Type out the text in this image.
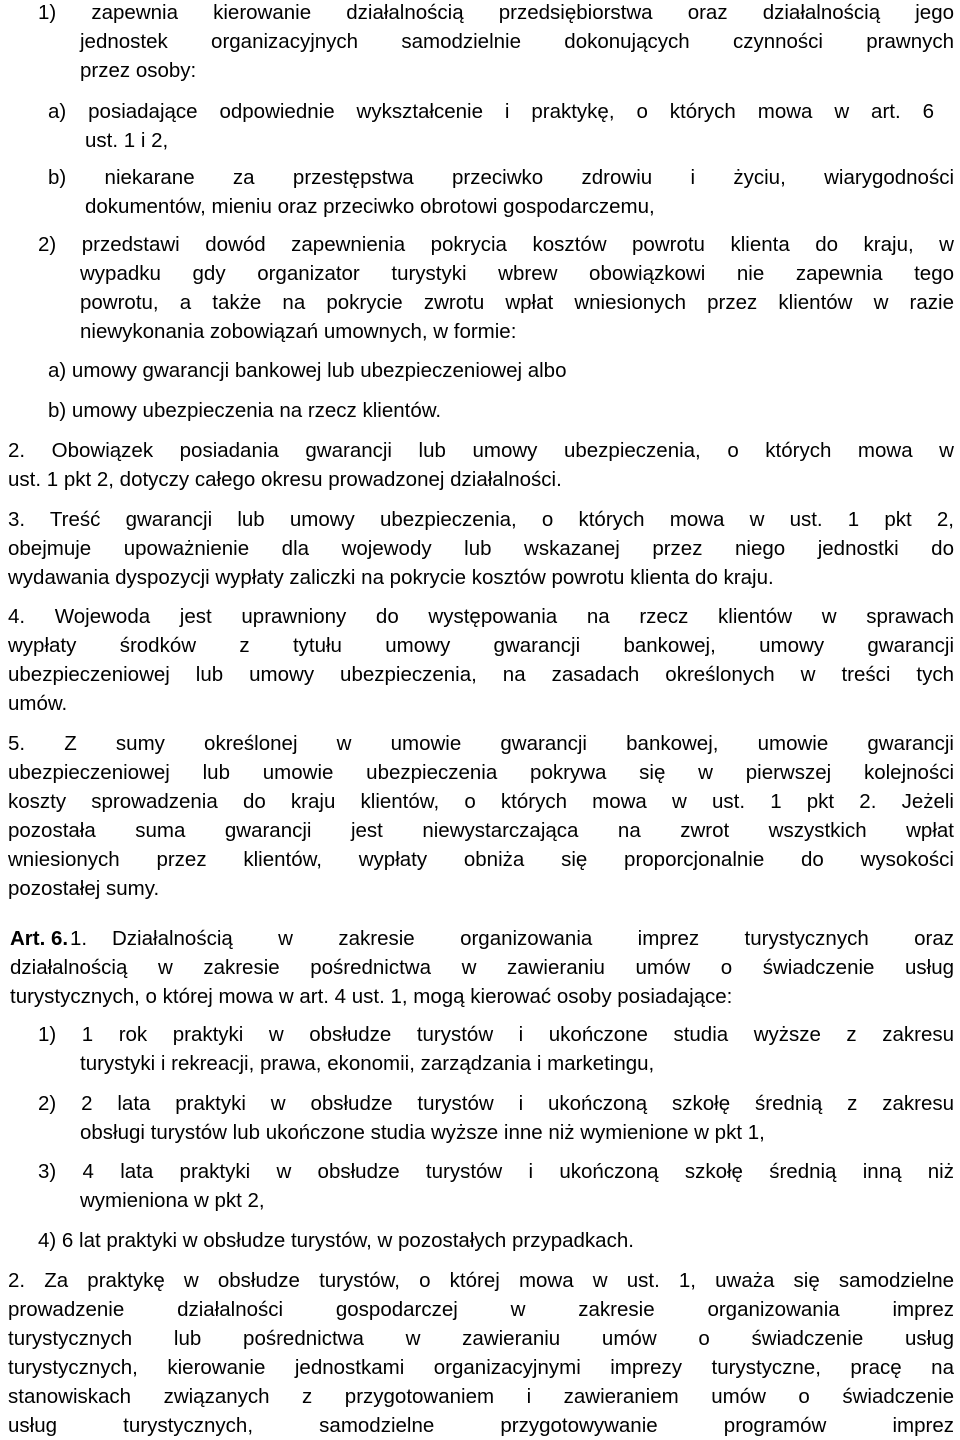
1) zapewnia kierowanie działalnością przedsiębiorstwa oraz działalnością jego
jednostek organizacyjnych samodzielnie dokonujących czynności prawnych
przez osoby:
a) posiadające odpowiednie wykształcenie i praktykę, o których mowa w art. 6
ust. 1 i 2,
b) niekarane za przestępstwa przeciwko zdrowiu i życiu, wiarygodności
dokumentów, mieniu oraz przeciwko obrotowi gospodarczemu,
2) przedstawi dowód zapewnienia pokrycia kosztów powrotu klienta do kraju, w
wypadku gdy organizator turystyki wbrew obowiązkowi nie zapewnia tego
powrotu, a także na pokrycie zwrotu wpłat wniesionych przez klientów w razie
niewykonania zobowiązań umownych, w formie:
a) umowy gwarancji bankowej lub ubezpieczeniowej albo
b) umowy ubezpieczenia na rzecz klientów.
2. Obowiązek posiadania gwarancji lub umowy ubezpieczenia, o których mowa w
ust. 1 pkt 2, dotyczy całego okresu prowadzonej działalności.
3. Treść gwarancji lub umowy ubezpieczenia, o których mowa w ust. 1 pkt 2,
obejmuje upoważnienie dla wojewody lub wskazanej przez niego jednostki do
wydawania dyspozycji wypłaty zaliczki na pokrycie kosztów powrotu klienta do kraju.
4. Wojewoda jest uprawniony do występowania na rzecz klientów w sprawach
wypłaty środków z tytułu umowy gwarancji bankowej, umowy gwarancji
ubezpieczeniowej lub umowy ubezpieczenia, na zasadach określonych w treści tych
umów.
5. Z sumy określonej w umowie gwarancji bankowej, umowie gwarancji
ubezpieczeniowej lub umowie ubezpieczenia pokrywa się w pierwszej kolejności
koszty sprowadzenia do kraju klientów, o których mowa w ust. 1 pkt 2. Jeżeli
pozostała suma gwarancji jest niewystarczająca na zwrot wszystkich wpłat
wniesionych przez klientów, wypłaty obniża się proporcjonalnie do wysokości
pozostałej sumy.
Art. 6. 1.	Działalnością w zakresie organizowania imprez turystycznych oraz
działalnością w zakresie pośrednictwa w zawieraniu umów o świadczenie usług
turystycznych, o której mowa w art. 4 ust. 1, mogą kierować osoby posiadające:
1) 1 rok praktyki w obsłudze turystów i ukończone studia wyższe z zakresu
turystyki i rekreacji, prawa, ekonomii, zarządzania i marketingu,
2) 2 lata praktyki w obsłudze turystów i ukończoną szkołę średnią z zakresu
obsługi turystów lub ukończone studia wyższe inne niż wymienione w pkt 1,
3) 4 lata praktyki w obsłudze turystów i ukończoną szkołę średnią inną niż
wymieniona w pkt 2,
4) 6 lat praktyki w obsłudze turystów, w pozostałych przypadkach.
2. Za praktykę w obsłudze turystów, o której mowa w ust. 1, uważa się samodzielne
prowadzenie działalności gospodarczej w zakresie organizowania imprez
turystycznych lub pośrednictwa w zawieraniu umów o świadczenie usług
turystycznych, kierowanie jednostkami organizacyjnymi imprezy turystyczne, pracę na
stanowiskach związanych z przygotowaniem i zawieraniem umów o świadczenie
usług turystycznych, samodzielne przygotowywanie programów imprez
